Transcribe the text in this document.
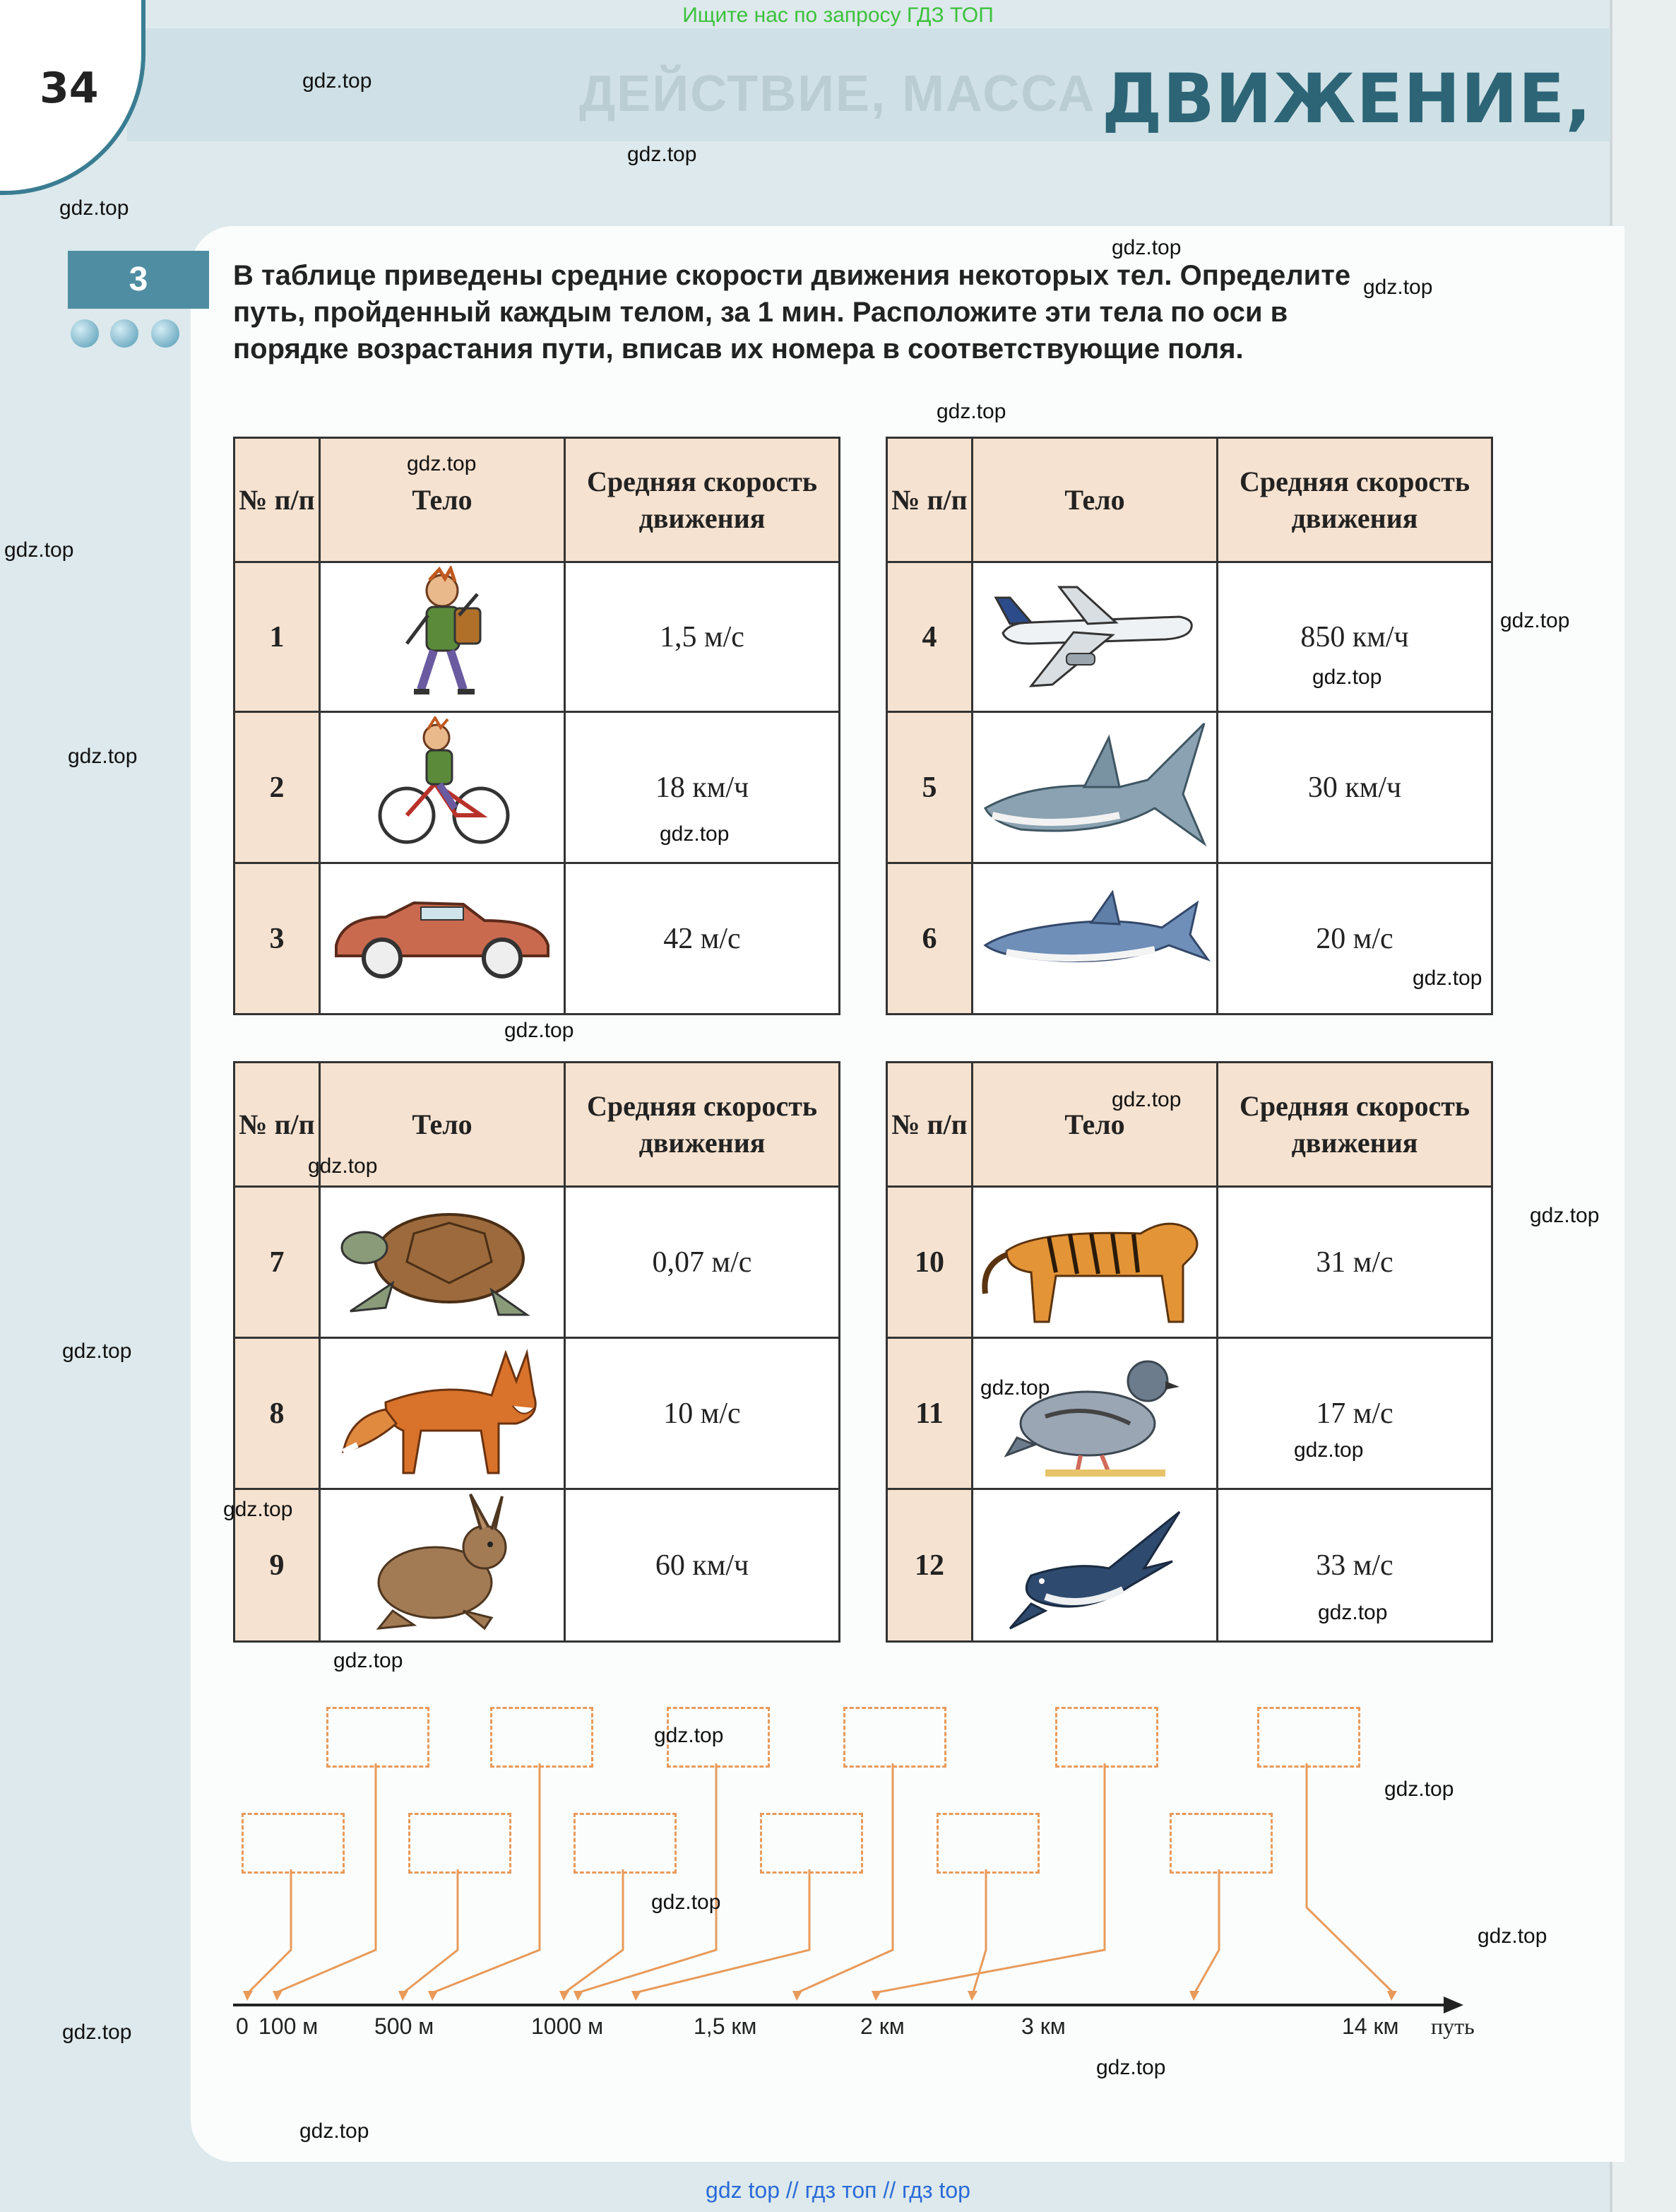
ДЕЙСТВИЕ, МАССА ДВИЖЕНИЕ,
34
Ищите нас по запросу ГДЗ ТОП
3	В таблице приведены средние скорости движения некоторых тел. Определите путь, пройденный каждым телом, за 1 мин. Расположите эти тела по оси в порядке возрастания пути, вписав их номера в соответствующие поля.
№ п/п	Тело	Средняя скорость движения
1		1,5 м/с
2		18 км/ч
3		42 м/с
№ п/п	Тело	Средняя скорость движения
4		850 км/ч
5		30 км/ч
6		20 м/с
№ п/п	Тело	Средняя скорость движения
7		0,07 м/с
8		10 м/с
9		60 км/ч
№ п/п	Тело	Средняя скорость движения
10		31 м/с
11		17 м/с
12		33 м/с
0 100 м 500 м	1000 м	1,5 км	2 км	3 км	14 км путь
gdz.top
gdz.top
gdz.top
gdz.top
gdz.top
gdz.top
gdz.top
gdz.top
gdz.top
gdz.top
gdz.top
gdz.top
gdz.top
gdz.top
gdz.top
gdz.top
gdz.top
gdz.top
gdz.top
gdz.top
gdz.top
gdz.top
gdz.top
gdz.top
gdz.top
gdz.top
gdz.top
gdz.top
gdz.top
gdz.top
gdz top // гдз топ // гдз top
